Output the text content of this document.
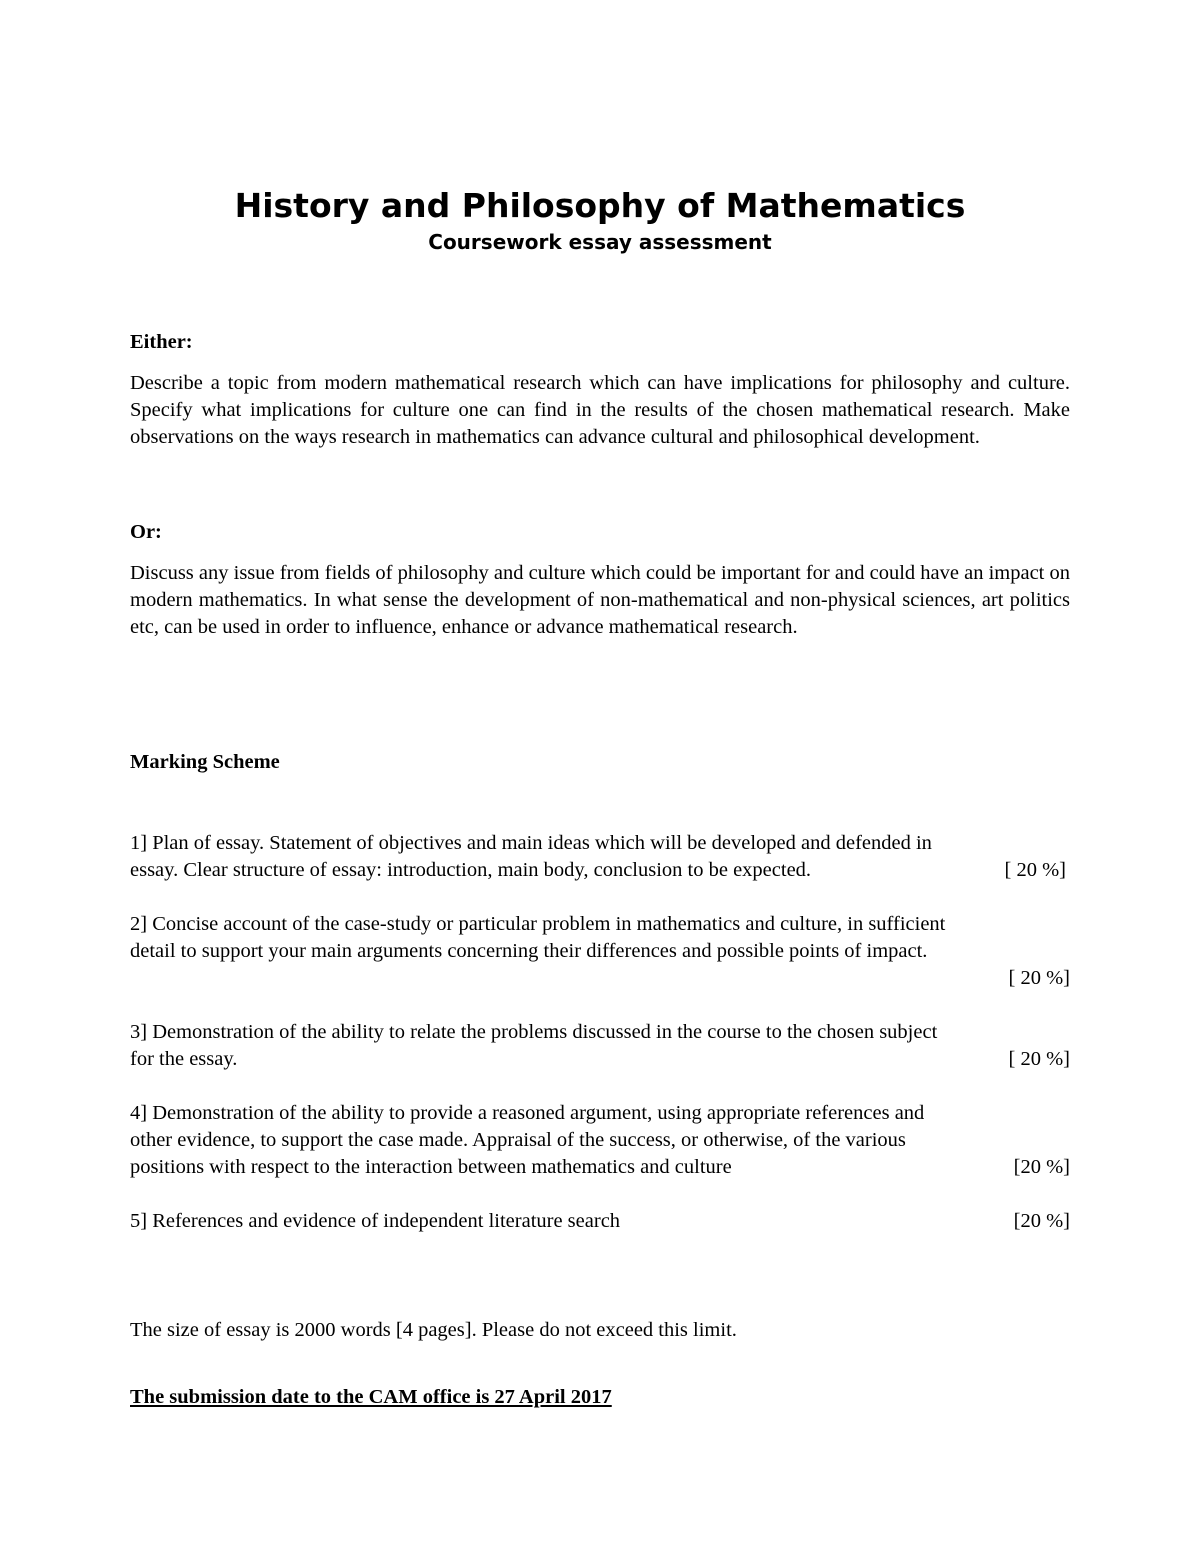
History and Philosophy of Mathematics
Coursework essay assessment

Either:

Describe a topic from modern mathematical research which can have implications for philosophy and culture. Specify what implications for culture one can find in the results of the chosen mathematical research. Make observations on the ways research in mathematics can advance cultural and philosophical development.

Or:

Discuss any issue from fields of philosophy and culture which could be important for and could have an impact on modern mathematics. In what sense the development of non-mathematical and non-physical sciences, art politics etc, can be used in order to influence, enhance or advance mathematical research.

Marking Scheme

1] Plan of essay. Statement of objectives and main ideas which will be developed and defended in
essay. Clear structure of essay: introduction, main body, conclusion to be expected.	[ 20 %]
2] Concise account of the case-study or particular problem in mathematics and culture, in sufficient
detail to support your main arguments concerning their differences and possible points of impact.
[ 20 %]
3] Demonstration of the ability to relate the problems discussed in the course to the chosen subject
for the essay.	[ 20 %]
4] Demonstration of the ability to provide a reasoned argument, using appropriate references and
other evidence, to support the case made. Appraisal of the success, or otherwise, of the various
positions with respect to the interaction between mathematics and culture	[20 %]
5] References and evidence of independent literature search	[20 %]

The size of essay is 2000 words [4 pages]. Please do not exceed this limit.

The submission date to the CAM office is 27 April 2017
